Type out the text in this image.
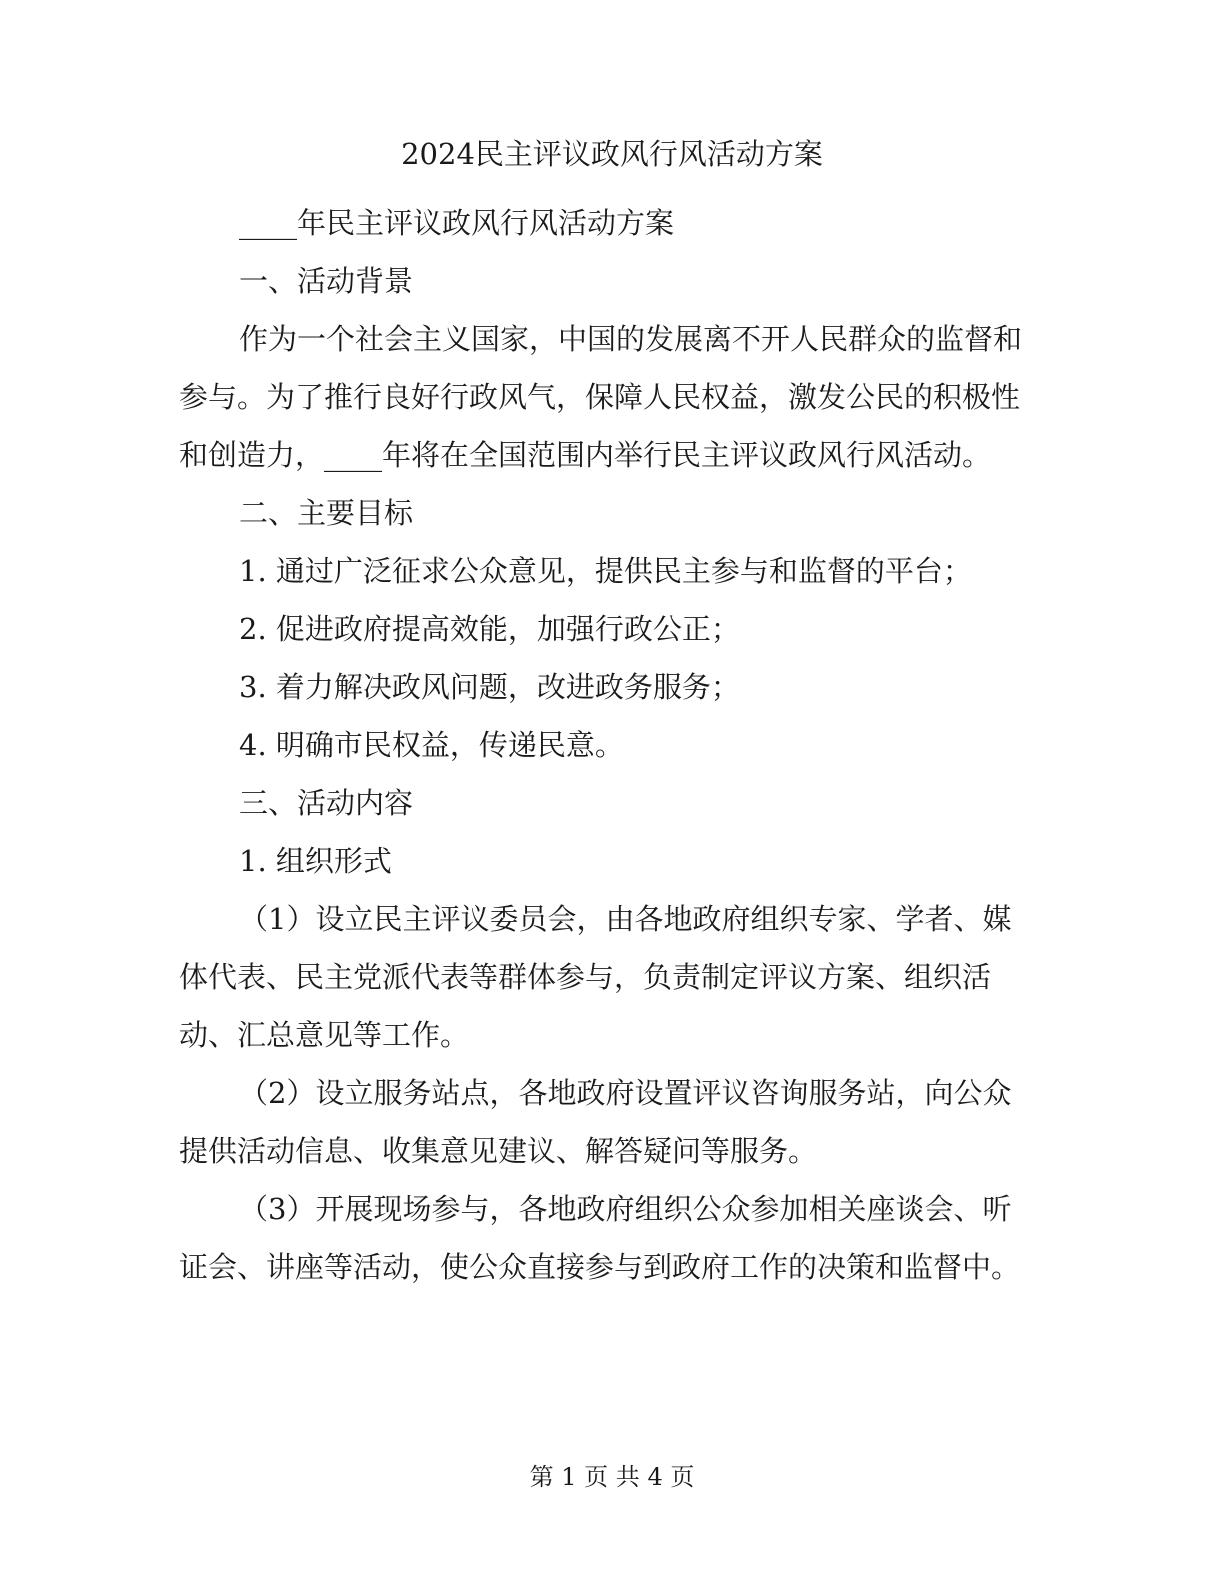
2024民主评议政风行风活动方案

____年民主评议政风行风活动方案

一、活动背景

作为一个社会主义国家，中国的发展离不开人民群众的监督和参与。为了推行良好行政风气，保障人民权益，激发公民的积极性和创造力，____年将在全国范围内举行民主评议政风行风活动。

二、主要目标

1. 通过广泛征求公众意见，提供民主参与和监督的平台；

2. 促进政府提高效能，加强行政公正；

3. 着力解决政风问题，改进政务服务；

4. 明确市民权益，传递民意。

三、活动内容

1. 组织形式

（1）设立民主评议委员会，由各地政府组织专家、学者、媒体代表、民主党派代表等群体参与，负责制定评议方案、组织活动、汇总意见等工作。

（2）设立服务站点，各地政府设置评议咨询服务站，向公众提供活动信息、收集意见建议、解答疑问等服务。

（3）开展现场参与，各地政府组织公众参加相关座谈会、听证会、讲座等活动，使公众直接参与到政府工作的决策和监督中。

第 1 页 共 4 页
